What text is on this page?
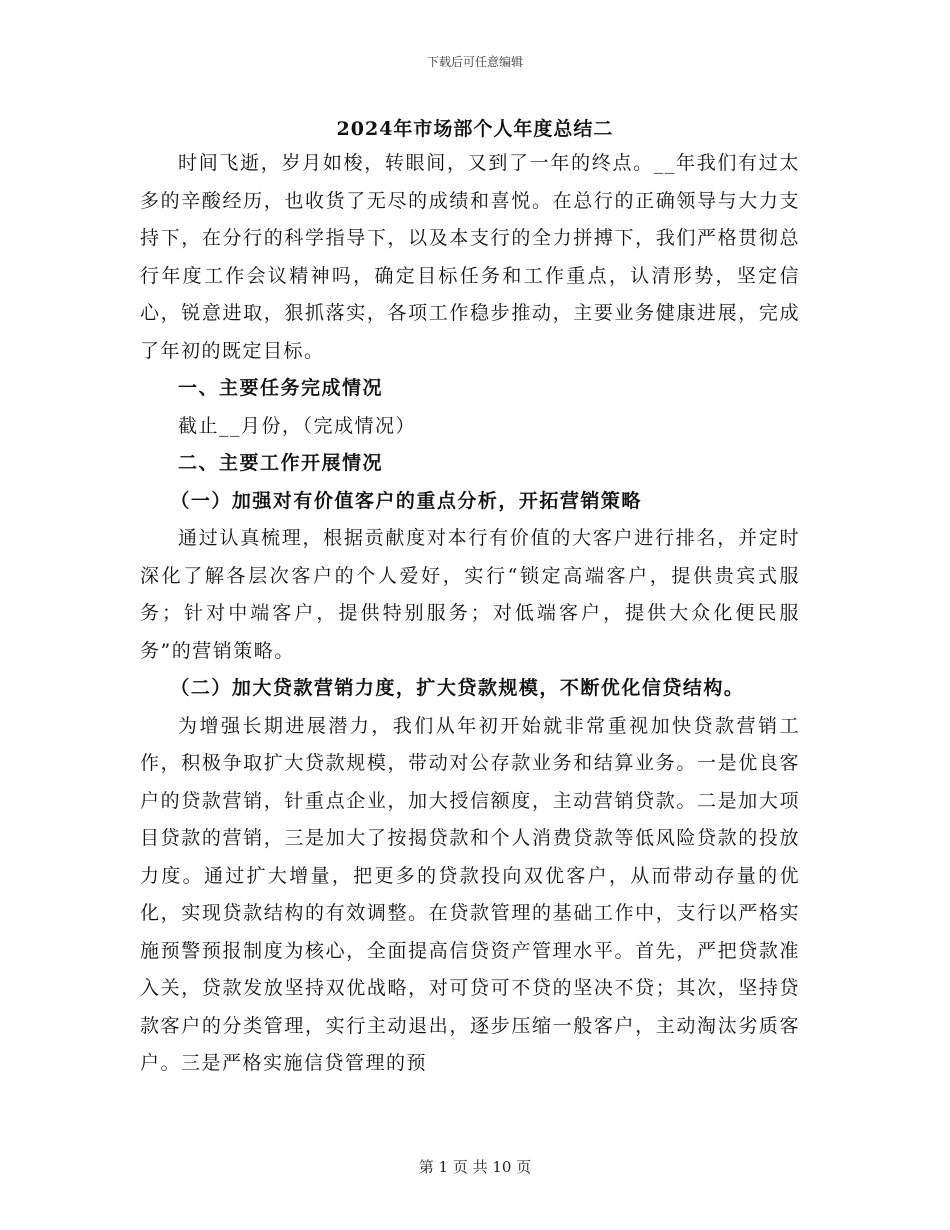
下载后可任意编辑
2024年市场部个人年度总结二

时间飞逝，岁月如梭，转眼间，又到了一年的终点。__年我们有过太多的辛酸经历，也收货了无尽的成绩和喜悦。在总行的正确领导与大力支持下，在分行的科学指导下，以及本支行的全力拼搏下，我们严格贯彻总行年度工作会议精神吗，确定目标任务和工作重点，认清形势，坚定信心，锐意进取，狠抓落实，各项工作稳步推动，主要业务健康进展，完成了年初的既定目标。

一、主要任务完成情况

截止__月份，（完成情况）

二、主要工作开展情况

（一）加强对有价值客户的重点分析，开拓营销策略

通过认真梳理，根据贡献度对本行有价值的大客户进行排名，并定时深化了解各层次客户的个人爱好，实行“锁定高端客户，提供贵宾式服务；针对中端客户，提供特别服务；对低端客户，提供大众化便民服务”的营销策略。

（二）加大贷款营销力度，扩大贷款规模，不断优化信贷结构。

为增强长期进展潜力，我们从年初开始就非常重视加快贷款营销工作，积极争取扩大贷款规模，带动对公存款业务和结算业务。一是优良客户的贷款营销，针重点企业，加大授信额度，主动营销贷款。二是加大项目贷款的营销，三是加大了按揭贷款和个人消费贷款等低风险贷款的投放力度。通过扩大增量，把更多的贷款投向双优客户，从而带动存量的优化，实现贷款结构的有效调整。在贷款管理的基础工作中，支行以严格实施预警预报制度为核心，全面提高信贷资产管理水平。首先，严把贷款准入关，贷款发放坚持双优战略，对可贷可不贷的坚决不贷；其次，坚持贷款客户的分类管理，实行主动退出，逐步压缩一般客户，主动淘汰劣质客户。三是严格实施信贷管理的预

第 1 页 共 10 页
